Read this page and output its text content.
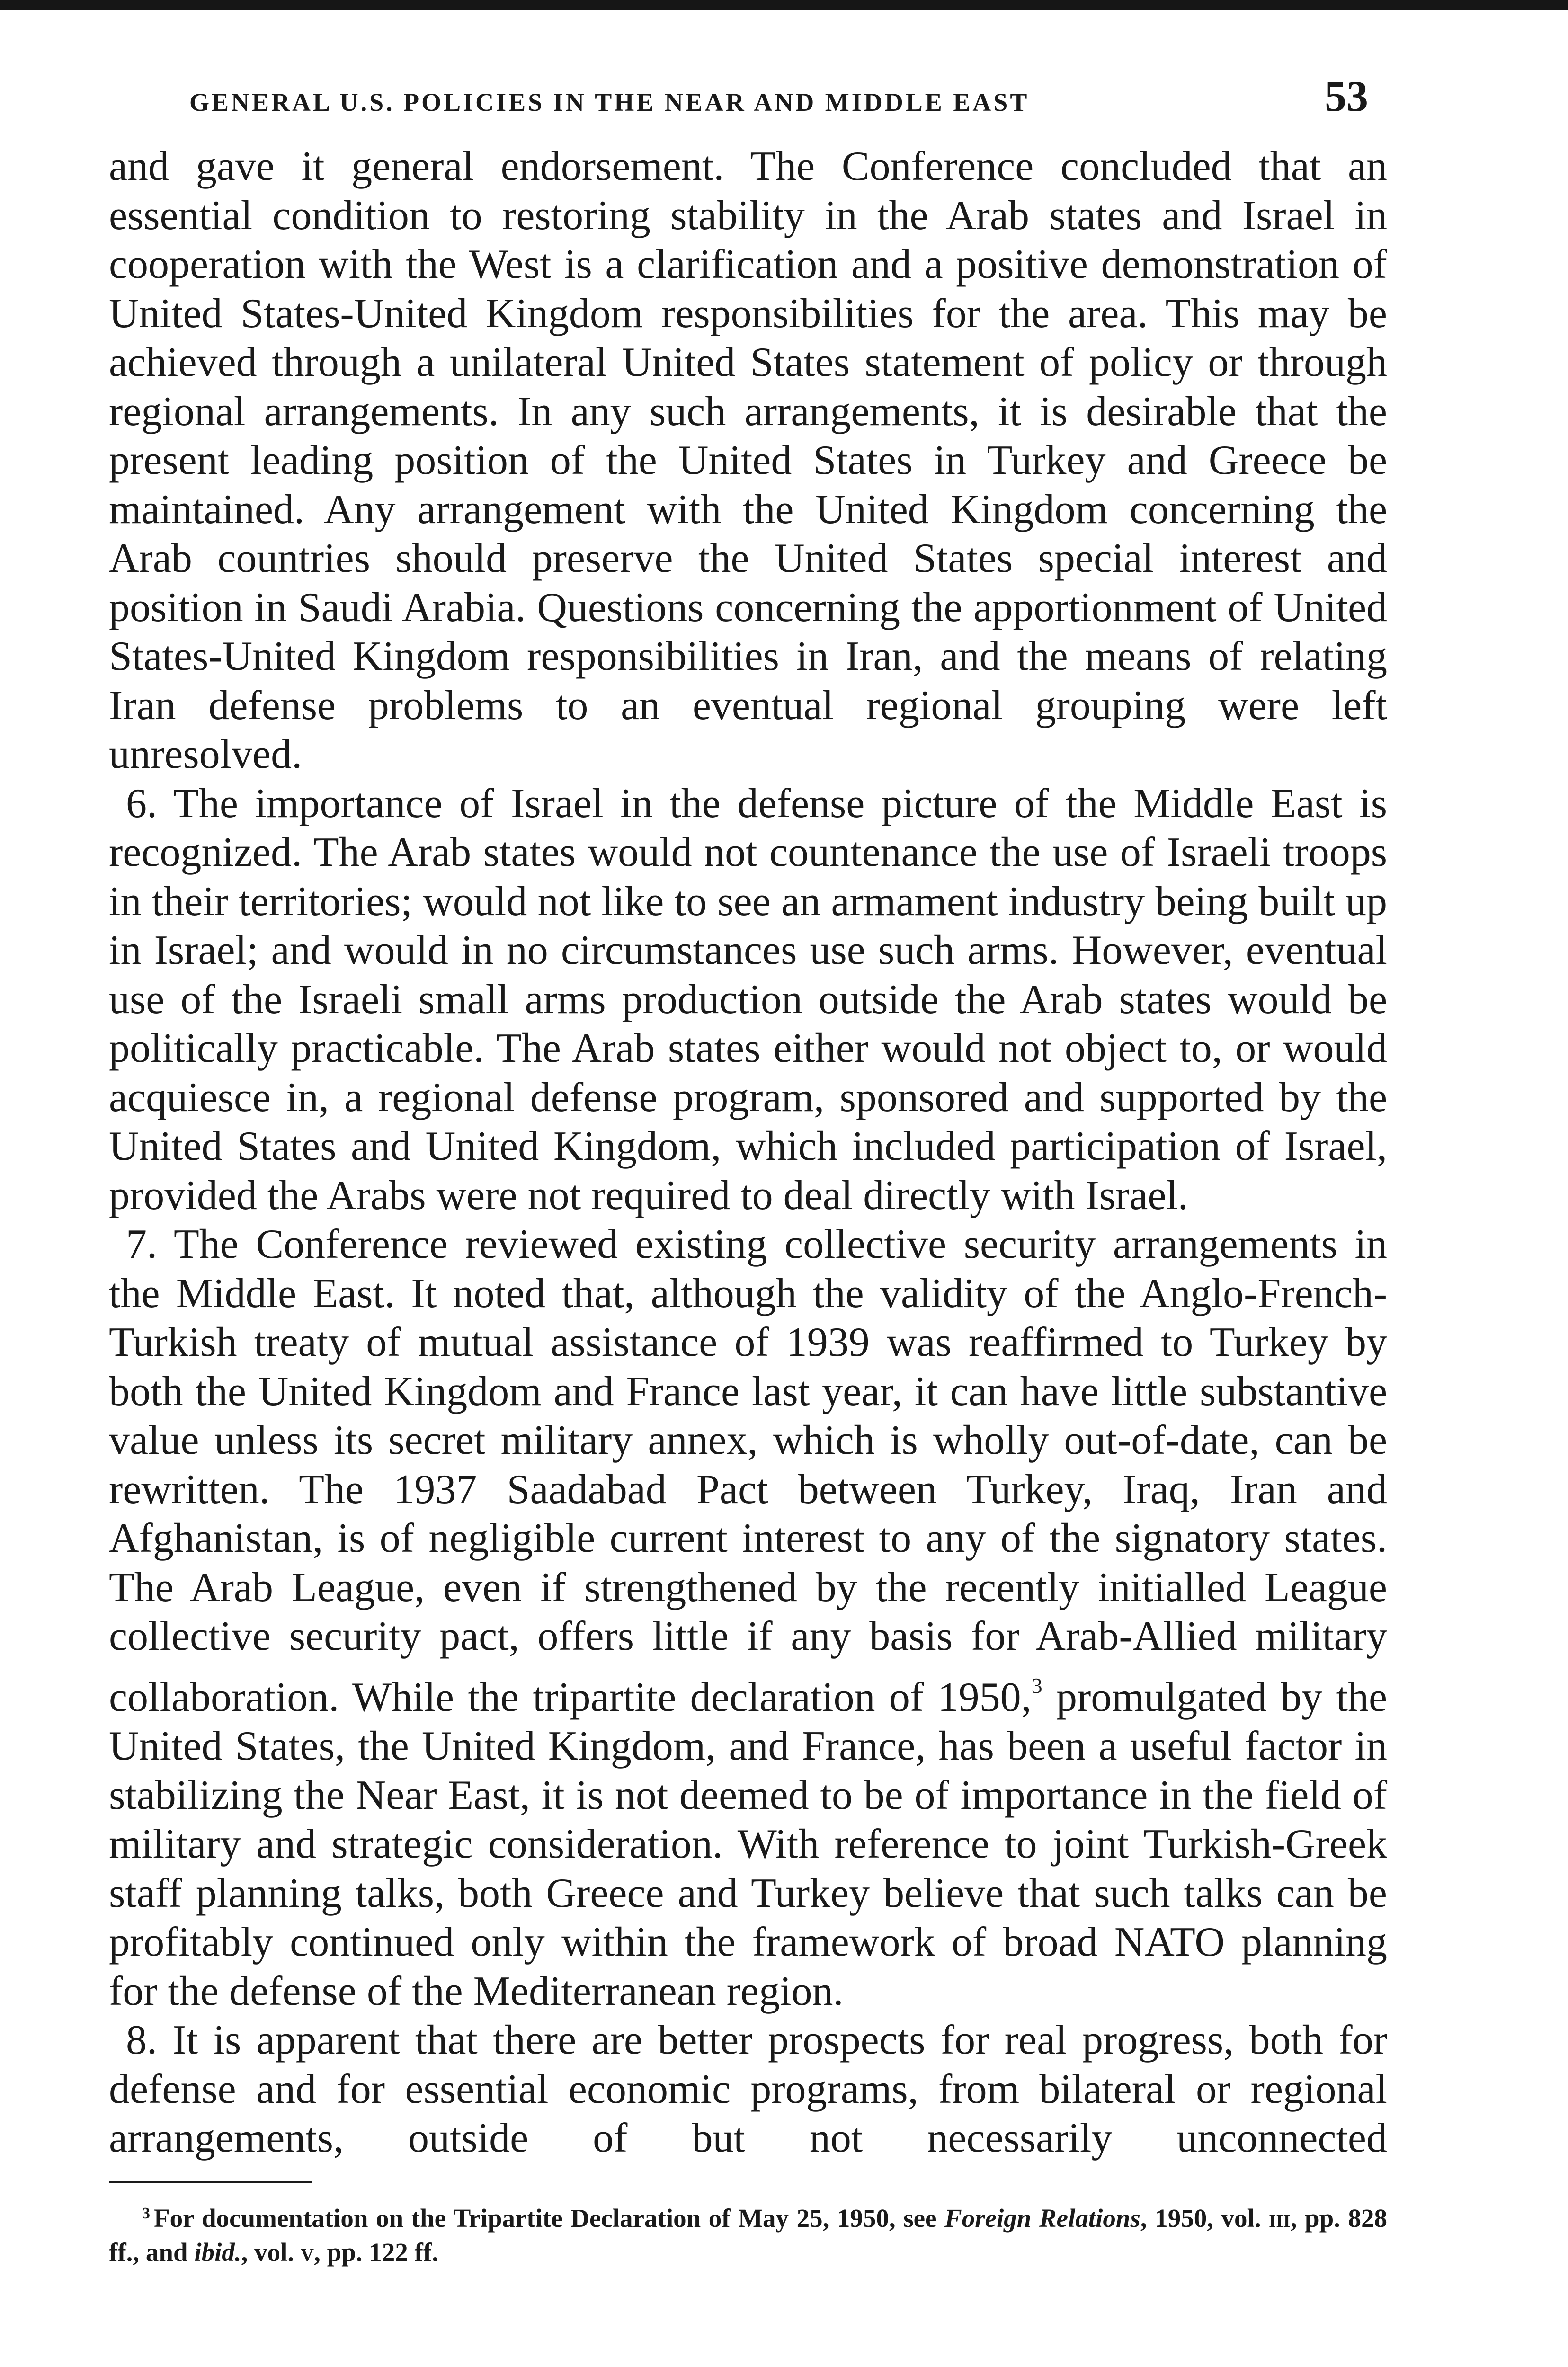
GENERAL U.S. POLICIES IN THE NEAR AND MIDDLE EAST	53

and gave it general endorsement. The Conference concluded that an essential condition to restoring stability in the Arab states and Israel in cooperation with the West is a clarification and a positive demonstration of United States-United Kingdom responsibilities for the area. This may be achieved through a unilateral United States statement of policy or through regional arrangements. In any such arrangements, it is desirable that the present leading position of the United States in Turkey and Greece be maintained. Any arrangement with the United Kingdom concerning the Arab countries should preserve the United States special interest and position in Saudi Arabia. Questions concerning the apportionment of United States-United Kingdom responsibilities in Iran, and the means of relating Iran defense problems to an eventual regional grouping were left unresolved.

6. The importance of Israel in the defense picture of the Middle East is recognized. The Arab states would not countenance the use of Israeli troops in their territories; would not like to see an armament industry being built up in Israel; and would in no circumstances use such arms. However, eventual use of the Israeli small arms production outside the Arab states would be politically practicable. The Arab states either would not object to, or would acquiesce in, a regional defense program, sponsored and supported by the United States and United Kingdom, which included participation of Israel, provided the Arabs were not required to deal directly with Israel.

7. The Conference reviewed existing collective security arrangements in the Middle East. It noted that, although the validity of the Anglo-French-Turkish treaty of mutual assistance of 1939 was reaffirmed to Turkey by both the United Kingdom and France last year, it can have little substantive value unless its secret military annex, which is wholly out-of-date, can be rewritten. The 1937 Saadabad Pact between Turkey, Iraq, Iran and Afghanistan, is of negligible current interest to any of the signatory states. The Arab League, even if strengthened by the recently initialled League collective security pact, offers little if any basis for Arab-Allied military collaboration. While the tripartite declaration of 1950,$^3$ promulgated by the United States, the United Kingdom, and France, has been a useful factor in stabilizing the Near East, it is not deemed to be of importance in the field of military and strategic consideration. With reference to joint Turkish-Greek staff planning talks, both Greece and Turkey believe that such talks can be profitably continued only within the framework of broad NATO planning for the defense of the Mediterranean region.

8. It is apparent that there are better prospects for real progress, both for defense and for essential economic programs, from bilateral or regional arrangements, outside of but not necessarily unconnected

$^3$ For documentation on the Tripartite Declaration of May 25, 1950, see Foreign Relations, 1950, vol. iii, pp. 828 ff., and ibid., vol. v, pp. 122 ff.
